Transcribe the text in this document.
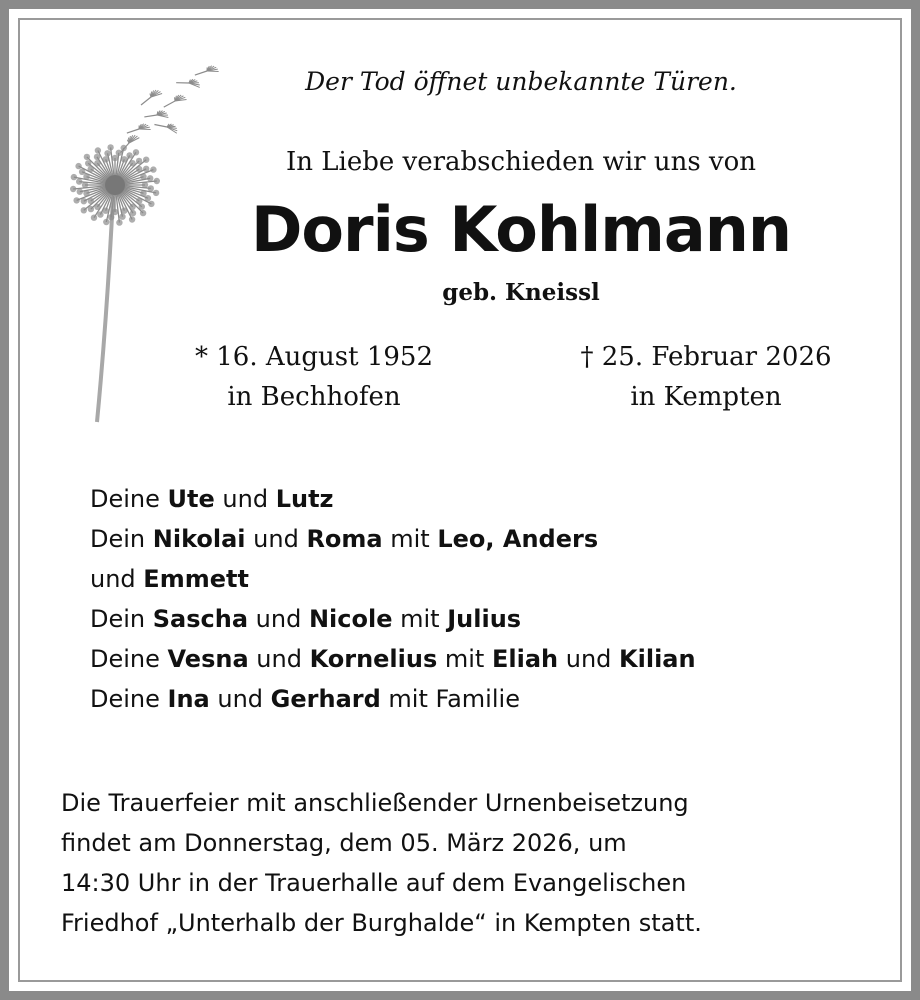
Der Tod öffnet unbekannte Türen.
In Liebe verabschieden wir uns von
Doris Kohlmann
geb. Kneissl
* 16. August 1952
in Bechhofen
† 25. Februar 2026
in Kempten
Deine Ute und Lutz
Dein Nikolai und Roma mit Leo, Anders
und Emmett
Dein Sascha und Nicole mit Julius
Deine Vesna und Kornelius mit Eliah und Kilian
Deine Ina und Gerhard mit Familie
Die Trauerfeier mit anschließender Urnenbeisetzung
findet am Donnerstag, dem 05. März 2026, um
14:30 Uhr in der Trauerhalle auf dem Evangelischen
Friedhof „Unterhalb der Burghalde“ in Kempten statt.
